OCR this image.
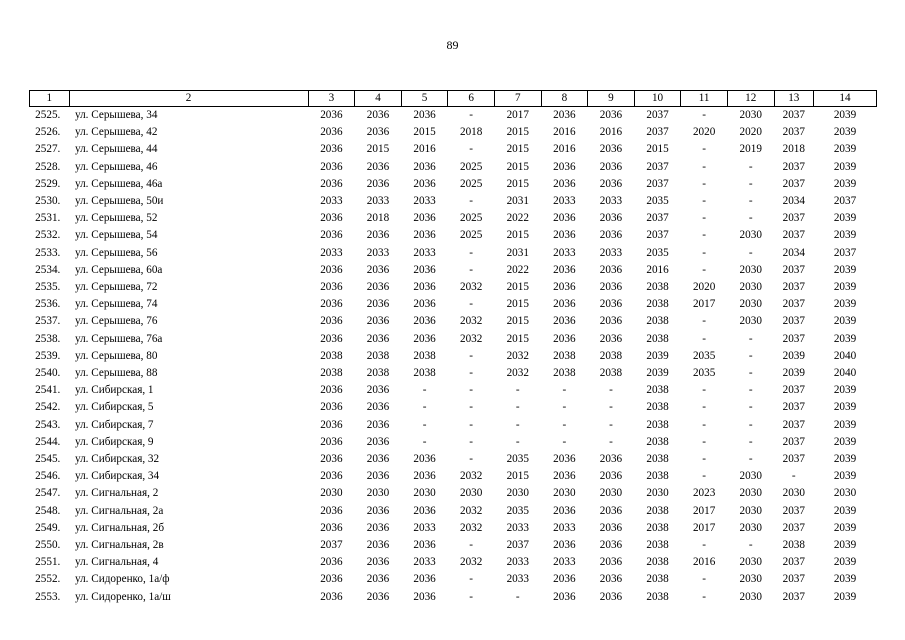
89
1	2	3	4	5	6	7	8	9	10	11	12	13	14
2525.	ул. Серышева, 34	2036	2036	2036	-	2017	2036	2036	2037	-	2030	2037	2039
2526.	ул. Серышева, 42	2036	2036	2015	2018	2015	2016	2016	2037	2020	2020	2037	2039
2527.	ул. Серышева, 44	2036	2015	2016	-	2015	2016	2036	2015	-	2019	2018	2039
2528.	ул. Серышева, 46	2036	2036	2036	2025	2015	2036	2036	2037	-	-	2037	2039
2529.	ул. Серышева, 46а	2036	2036	2036	2025	2015	2036	2036	2037	-	-	2037	2039
2530.	ул. Серышева, 50и	2033	2033	2033	-	2031	2033	2033	2035	-	-	2034	2037
2531.	ул. Серышева, 52	2036	2018	2036	2025	2022	2036	2036	2037	-	-	2037	2039
2532.	ул. Серышева, 54	2036	2036	2036	2025	2015	2036	2036	2037	-	2030	2037	2039
2533.	ул. Серышева, 56	2033	2033	2033	-	2031	2033	2033	2035	-	-	2034	2037
2534.	ул. Серышева, 60а	2036	2036	2036	-	2022	2036	2036	2016	-	2030	2037	2039
2535.	ул. Серышева, 72	2036	2036	2036	2032	2015	2036	2036	2038	2020	2030	2037	2039
2536.	ул. Серышева, 74	2036	2036	2036	-	2015	2036	2036	2038	2017	2030	2037	2039
2537.	ул. Серышева, 76	2036	2036	2036	2032	2015	2036	2036	2038	-	2030	2037	2039
2538.	ул. Серышева, 76а	2036	2036	2036	2032	2015	2036	2036	2038	-	-	2037	2039
2539.	ул. Серышева, 80	2038	2038	2038	-	2032	2038	2038	2039	2035	-	2039	2040
2540.	ул. Серышева, 88	2038	2038	2038	-	2032	2038	2038	2039	2035	-	2039	2040
2541.	ул. Сибирская, 1	2036	2036	-	-	-	-	-	2038	-	-	2037	2039
2542.	ул. Сибирская, 5	2036	2036	-	-	-	-	-	2038	-	-	2037	2039
2543.	ул. Сибирская, 7	2036	2036	-	-	-	-	-	2038	-	-	2037	2039
2544.	ул. Сибирская, 9	2036	2036	-	-	-	-	-	2038	-	-	2037	2039
2545.	ул. Сибирская, 32	2036	2036	2036	-	2035	2036	2036	2038	-	-	2037	2039
2546.	ул. Сибирская, 34	2036	2036	2036	2032	2015	2036	2036	2038	-	2030	-	2039
2547.	ул. Сигнальная, 2	2030	2030	2030	2030	2030	2030	2030	2030	2023	2030	2030	2030
2548.	ул. Сигнальная, 2а	2036	2036	2036	2032	2035	2036	2036	2038	2017	2030	2037	2039
2549.	ул. Сигнальная, 2б	2036	2036	2033	2032	2033	2033	2036	2038	2017	2030	2037	2039
2550.	ул. Сигнальная, 2в	2037	2036	2036	-	2037	2036	2036	2038	-	-	2038	2039
2551.	ул. Сигнальная, 4	2036	2036	2033	2032	2033	2033	2036	2038	2016	2030	2037	2039
2552.	ул. Сидоренко, 1а/ф	2036	2036	2036	-	2033	2036	2036	2038	-	2030	2037	2039
2553.	ул. Сидоренко, 1а/ш	2036	2036	2036	-	-	2036	2036	2038	-	2030	2037	2039
